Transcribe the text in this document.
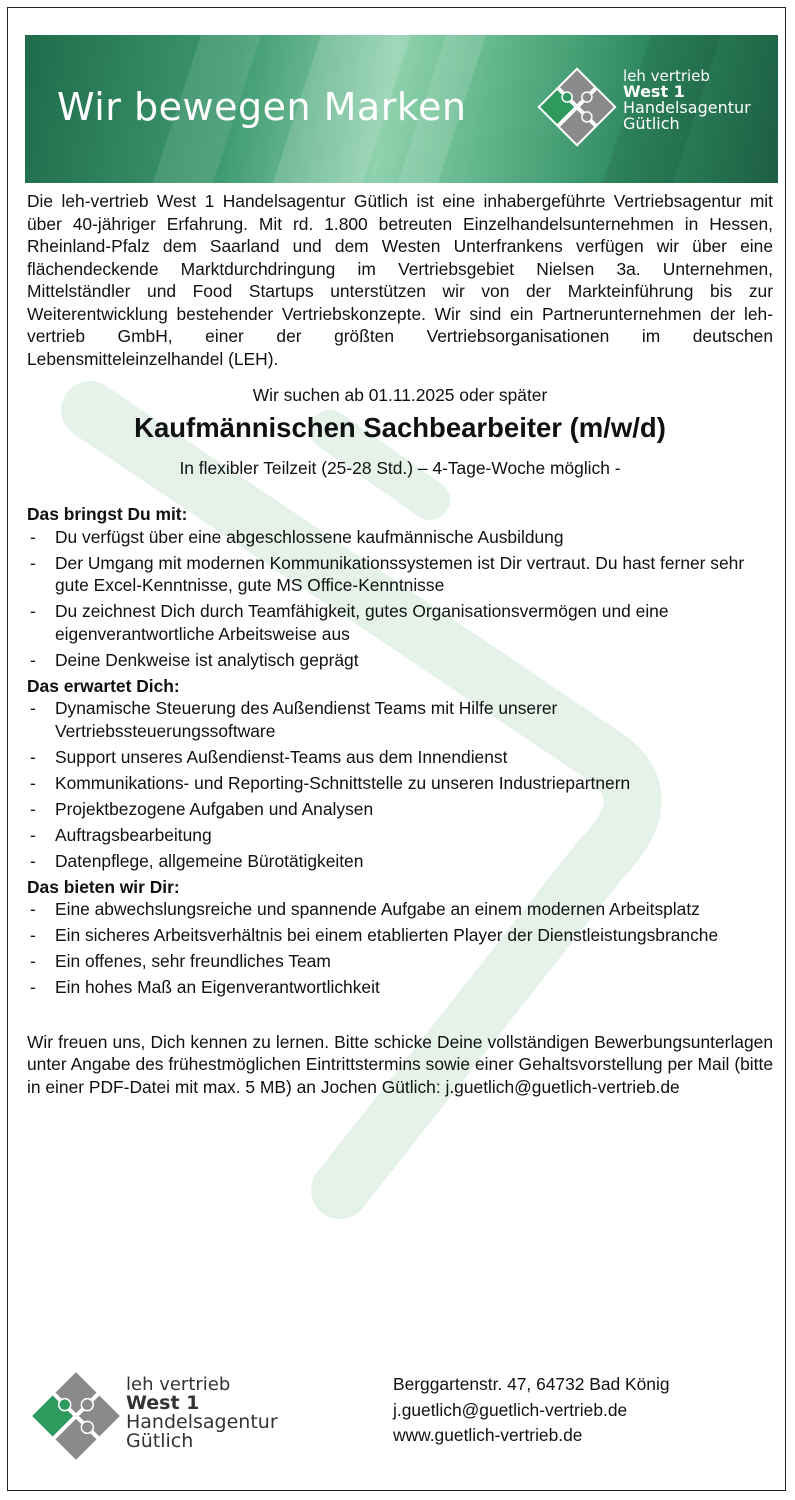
Wir bewegen Marken
leh vertrieb
West 1
Handelsagentur
Gütlich

Die leh-vertrieb West 1 Handelsagentur Gütlich ist eine inhabergeführte Vertriebsagentur mit über 40-jähriger Erfahrung. Mit rd. 1.800 betreuten Einzelhandelsunternehmen in Hessen, Rheinland-Pfalz dem Saarland und dem Westen Unterfrankens verfügen wir über eine flächendeckende Marktdurchdringung im Vertriebsgebiet Nielsen 3a. Unternehmen, Mittelständler und Food Startups unterstützen wir von der Markteinführung bis zur Weiterentwicklung bestehender Vertriebskonzepte. Wir sind ein Partnerunternehmen der leh-vertrieb GmbH, einer der größten Vertriebsorganisationen im deutschen Lebensmitteleinzelhandel (LEH).

Wir suchen ab 01.11.2025 oder später

Kaufmännischen Sachbearbeiter (m/w/d)

In flexibler Teilzeit (25-28 Std.) – 4-Tage-Woche möglich -

Das bringst Du mit:

- Du verfügst über eine abgeschlossene kaufmännische Ausbildung
- Der Umgang mit modernen Kommunikationssystemen ist Dir vertraut. Du hast ferner sehr gute Excel-Kenntnisse, gute MS Office-Kenntnisse
- Du zeichnest Dich durch Teamfähigkeit, gutes Organisationsvermögen und eine eigenverantwortliche Arbeitsweise aus
- Deine Denkweise ist analytisch geprägt

Das erwartet Dich:

- Dynamische Steuerung des Außendienst Teams mit Hilfe unserer Vertriebssteuerungssoftware
- Support unseres Außendienst-Teams aus dem Innendienst
- Kommunikations- und Reporting-Schnittstelle zu unseren Industriepartnern
- Projektbezogene Aufgaben und Analysen
- Auftragsbearbeitung
- Datenpflege, allgemeine Bürotätigkeiten

Das bieten wir Dir:

- Eine abwechslungsreiche und spannende Aufgabe an einem modernen Arbeitsplatz
- Ein sicheres Arbeitsverhältnis bei einem etablierten Player der Dienstleistungsbranche
- Ein offenes, sehr freundliches Team
- Ein hohes Maß an Eigenverantwortlichkeit

Wir freuen uns, Dich kennen zu lernen. Bitte schicke Deine vollständigen Bewerbungsunterlagen unter Angabe des frühestmöglichen Eintrittstermins sowie einer Gehaltsvorstellung per Mail (bitte in einer PDF-Datei mit max. 5 MB) an Jochen Gütlich: j.guetlich@guetlich-vertrieb.de

leh vertrieb
West 1
Handelsagentur
Gütlich
Berggartenstr. 47, 64732 Bad König
j.guetlich@guetlich-vertrieb.de
www.guetlich-vertrieb.de
